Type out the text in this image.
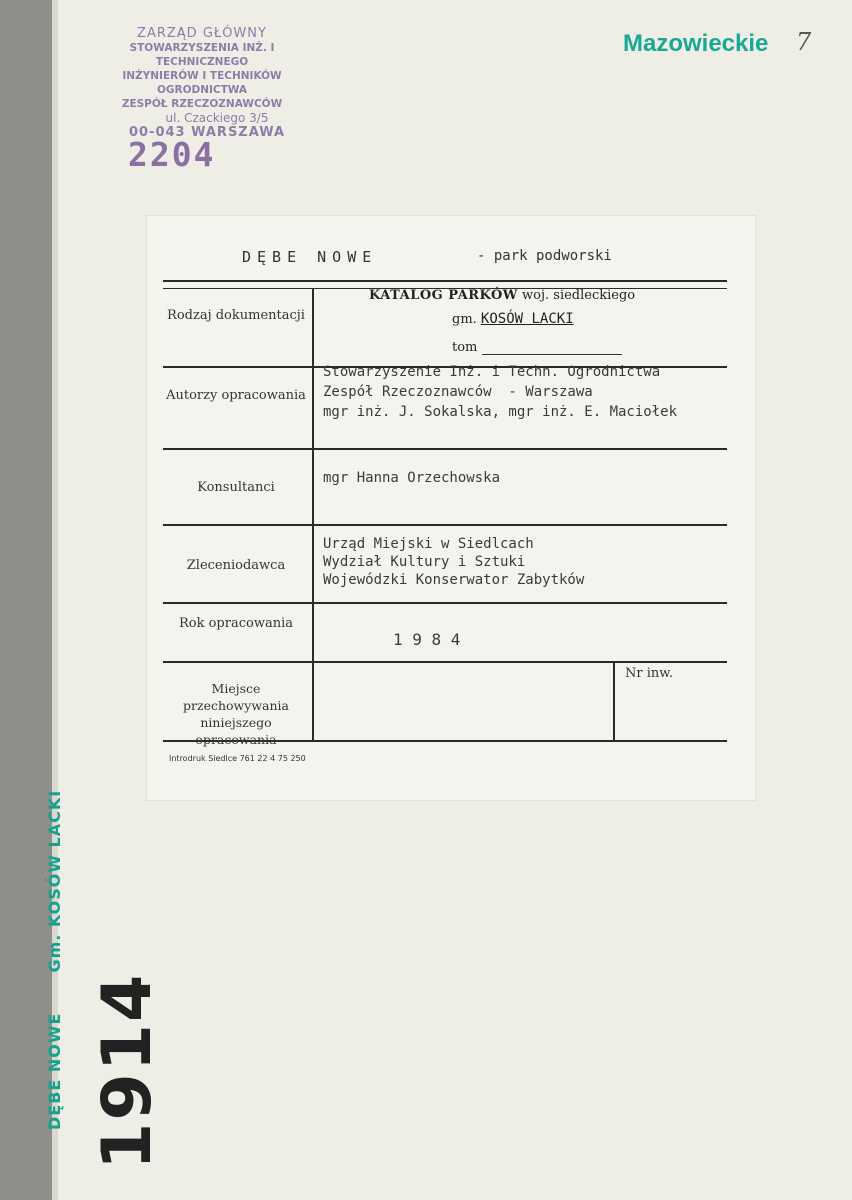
ZARZĄD GŁÓWNY
STOWARZYSZENIA INŻ. I TECHNICZNEGO
INŻYNIERÓW I TECHNIKÓW OGRODNICTWA
ZESPÓŁ RZECZOZNAWCÓW
ul. Czackiego 3/5
00-043 WARSZAWA
2204
Mazowieckie 7
DĘBE NOWE	- park podworski
KATALOG PARKÓW woj. siedleckiego
gm. KOSÓW LACKI
tom
Rodzaj dokumentacji
Autorzy opracowania
Konsultanci
Zleceniodawca
Rok opracowania
Miejsce przechowywania niniejszego opracowania
Stowarzyszenie Inż. i Techn. Ogrodnictwa
Zespół Rzeczoznawców  - Warszawa
mgr inż. J. Sokalska, mgr inż. E. Maciołek
mgr Hanna Orzechowska
Urząd Miejski w Siedlcach
Wydział Kultury i Sztuki
Wojewódzki Konserwator Zabytków
1 9 8 4
Nr inw.
Introdruk Siedlce 761 22 4 75 250
DĘBE NOWEGm. KOSÓW LACKI
1914
